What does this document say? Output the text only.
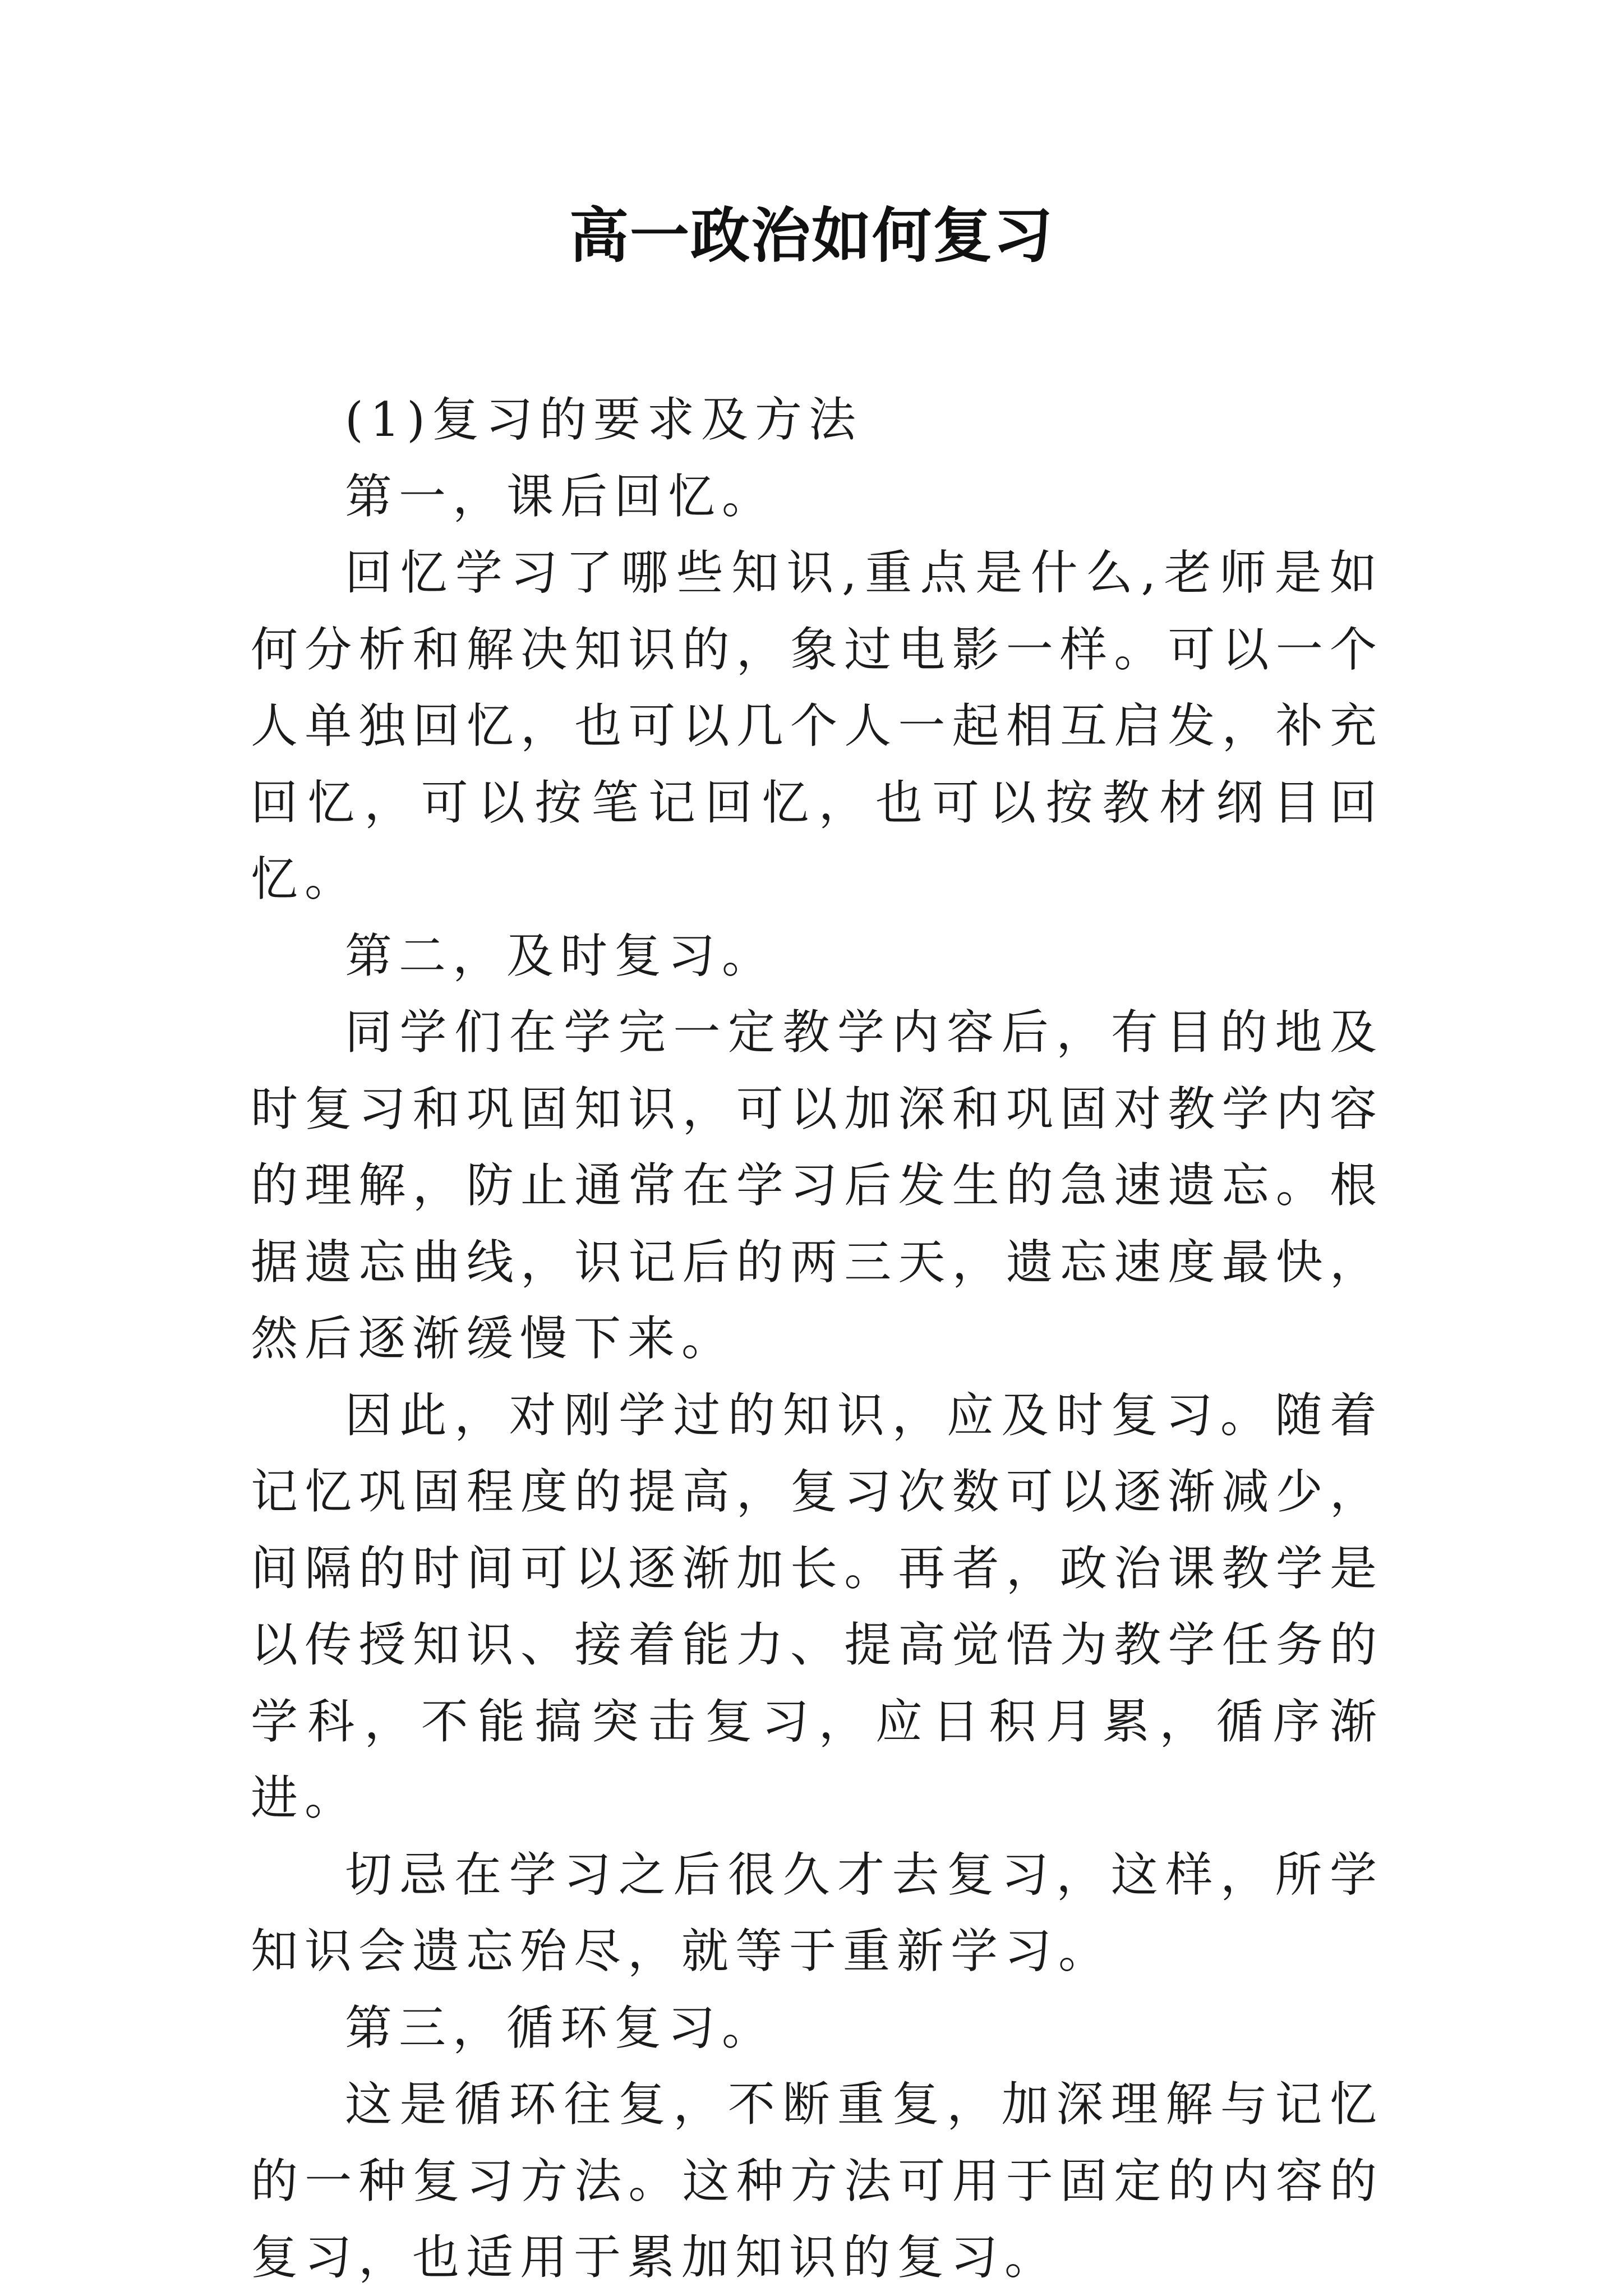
高一政治如何复习

(1)复习的要求及方法

第一，课后回忆。

回忆学习了哪些知识,重点是什么,老师是如何分析和解决知识的，象过电影一样。可以一个人单独回忆，也可以几个人一起相互启发，补充回忆，可以按笔记回忆，也可以按教材纲目回忆。

第二，及时复习。

同学们在学完一定教学内容后，有目的地及时复习和巩固知识，可以加深和巩固对教学内容的理解，防止通常在学习后发生的急速遗忘。根据遗忘曲线，识记后的两三天，遗忘速度最快，然后逐渐缓慢下来。

因此，对刚学过的知识，应及时复习。随着记忆巩固程度的提高，复习次数可以逐渐减少，间隔的时间可以逐渐加长。再者，政治课教学是以传授知识、接着能力、提高觉悟为教学任务的学科，不能搞突击复习，应日积月累，循序渐进。

切忌在学习之后很久才去复习，这样，所学知识会遗忘殆尽，就等于重新学习。

第三，循环复习。

这是循环往复，不断重复，加深理解与记忆的一种复习方法。这种方法可用于固定的内容的复习，也适用于累加知识的复习。
